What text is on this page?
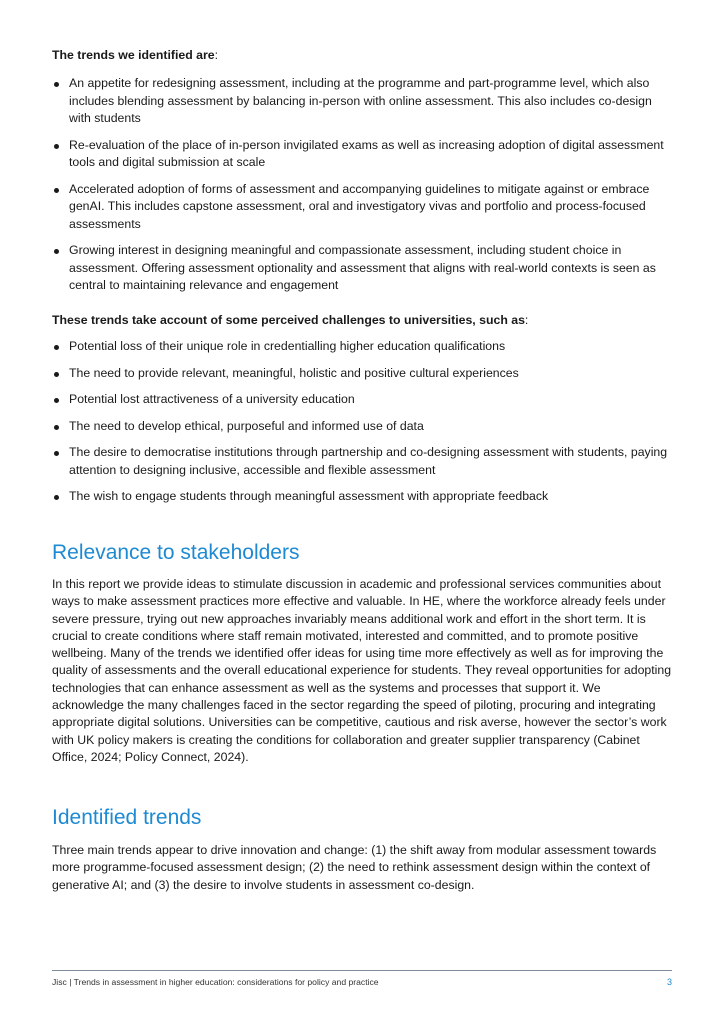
The trends we identified are:

An appetite for redesigning assessment, including at the programme and part-programme level, which also includes blending assessment by balancing in-person with online assessment. This also includes co-design with students
Re-evaluation of the place of in-person invigilated exams as well as increasing adoption of digital assessment tools and digital submission at scale
Accelerated adoption of forms of assessment and accompanying guidelines to mitigate against or embrace genAI. This includes capstone assessment, oral and investigatory vivas and portfolio and process-focused assessments
Growing interest in designing meaningful and compassionate assessment, including student choice in assessment. Offering assessment optionality and assessment that aligns with real-world contexts is seen as central to maintaining relevance and engagement

These trends take account of some perceived challenges to universities, such as:

Potential loss of their unique role in credentialling higher education qualifications
The need to provide relevant, meaningful, holistic and positive cultural experiences
Potential lost attractiveness of a university education
The need to develop ethical, purposeful and informed use of data
The desire to democratise institutions through partnership and co-designing assessment with students, paying attention to designing inclusive, accessible and flexible assessment
The wish to engage students through meaningful assessment with appropriate feedback
Relevance to stakeholders

In this report we provide ideas to stimulate discussion in academic and professional services communities about ways to make assessment practices more effective and valuable. In HE, where the workforce already feels under severe pressure, trying out new approaches invariably means additional work and effort in the short term. It is crucial to create conditions where staff remain motivated, interested and committed, and to promote positive wellbeing. Many of the trends we identified offer ideas for using time more effectively as well as for improving the quality of assessments and the overall educational experience for students. They reveal opportunities for adopting technologies that can enhance assessment as well as the systems and processes that support it. We acknowledge the many challenges faced in the sector regarding the speed of piloting, procuring and integrating appropriate digital solutions. Universities can be competitive, cautious and risk averse, however the sector’s work with UK policy makers is creating the conditions for collaboration and greater supplier transparency (Cabinet Office, 2024; Policy Connect, 2024).

Identified trends

Three main trends appear to drive innovation and change: (1) the shift away from modular assessment towards more programme-focused assessment design; (2) the need to rethink assessment design within the context of generative AI; and (3) the desire to involve students in assessment co-design.

Jisc | Trends in assessment in higher education: considerations for policy and practice	3
